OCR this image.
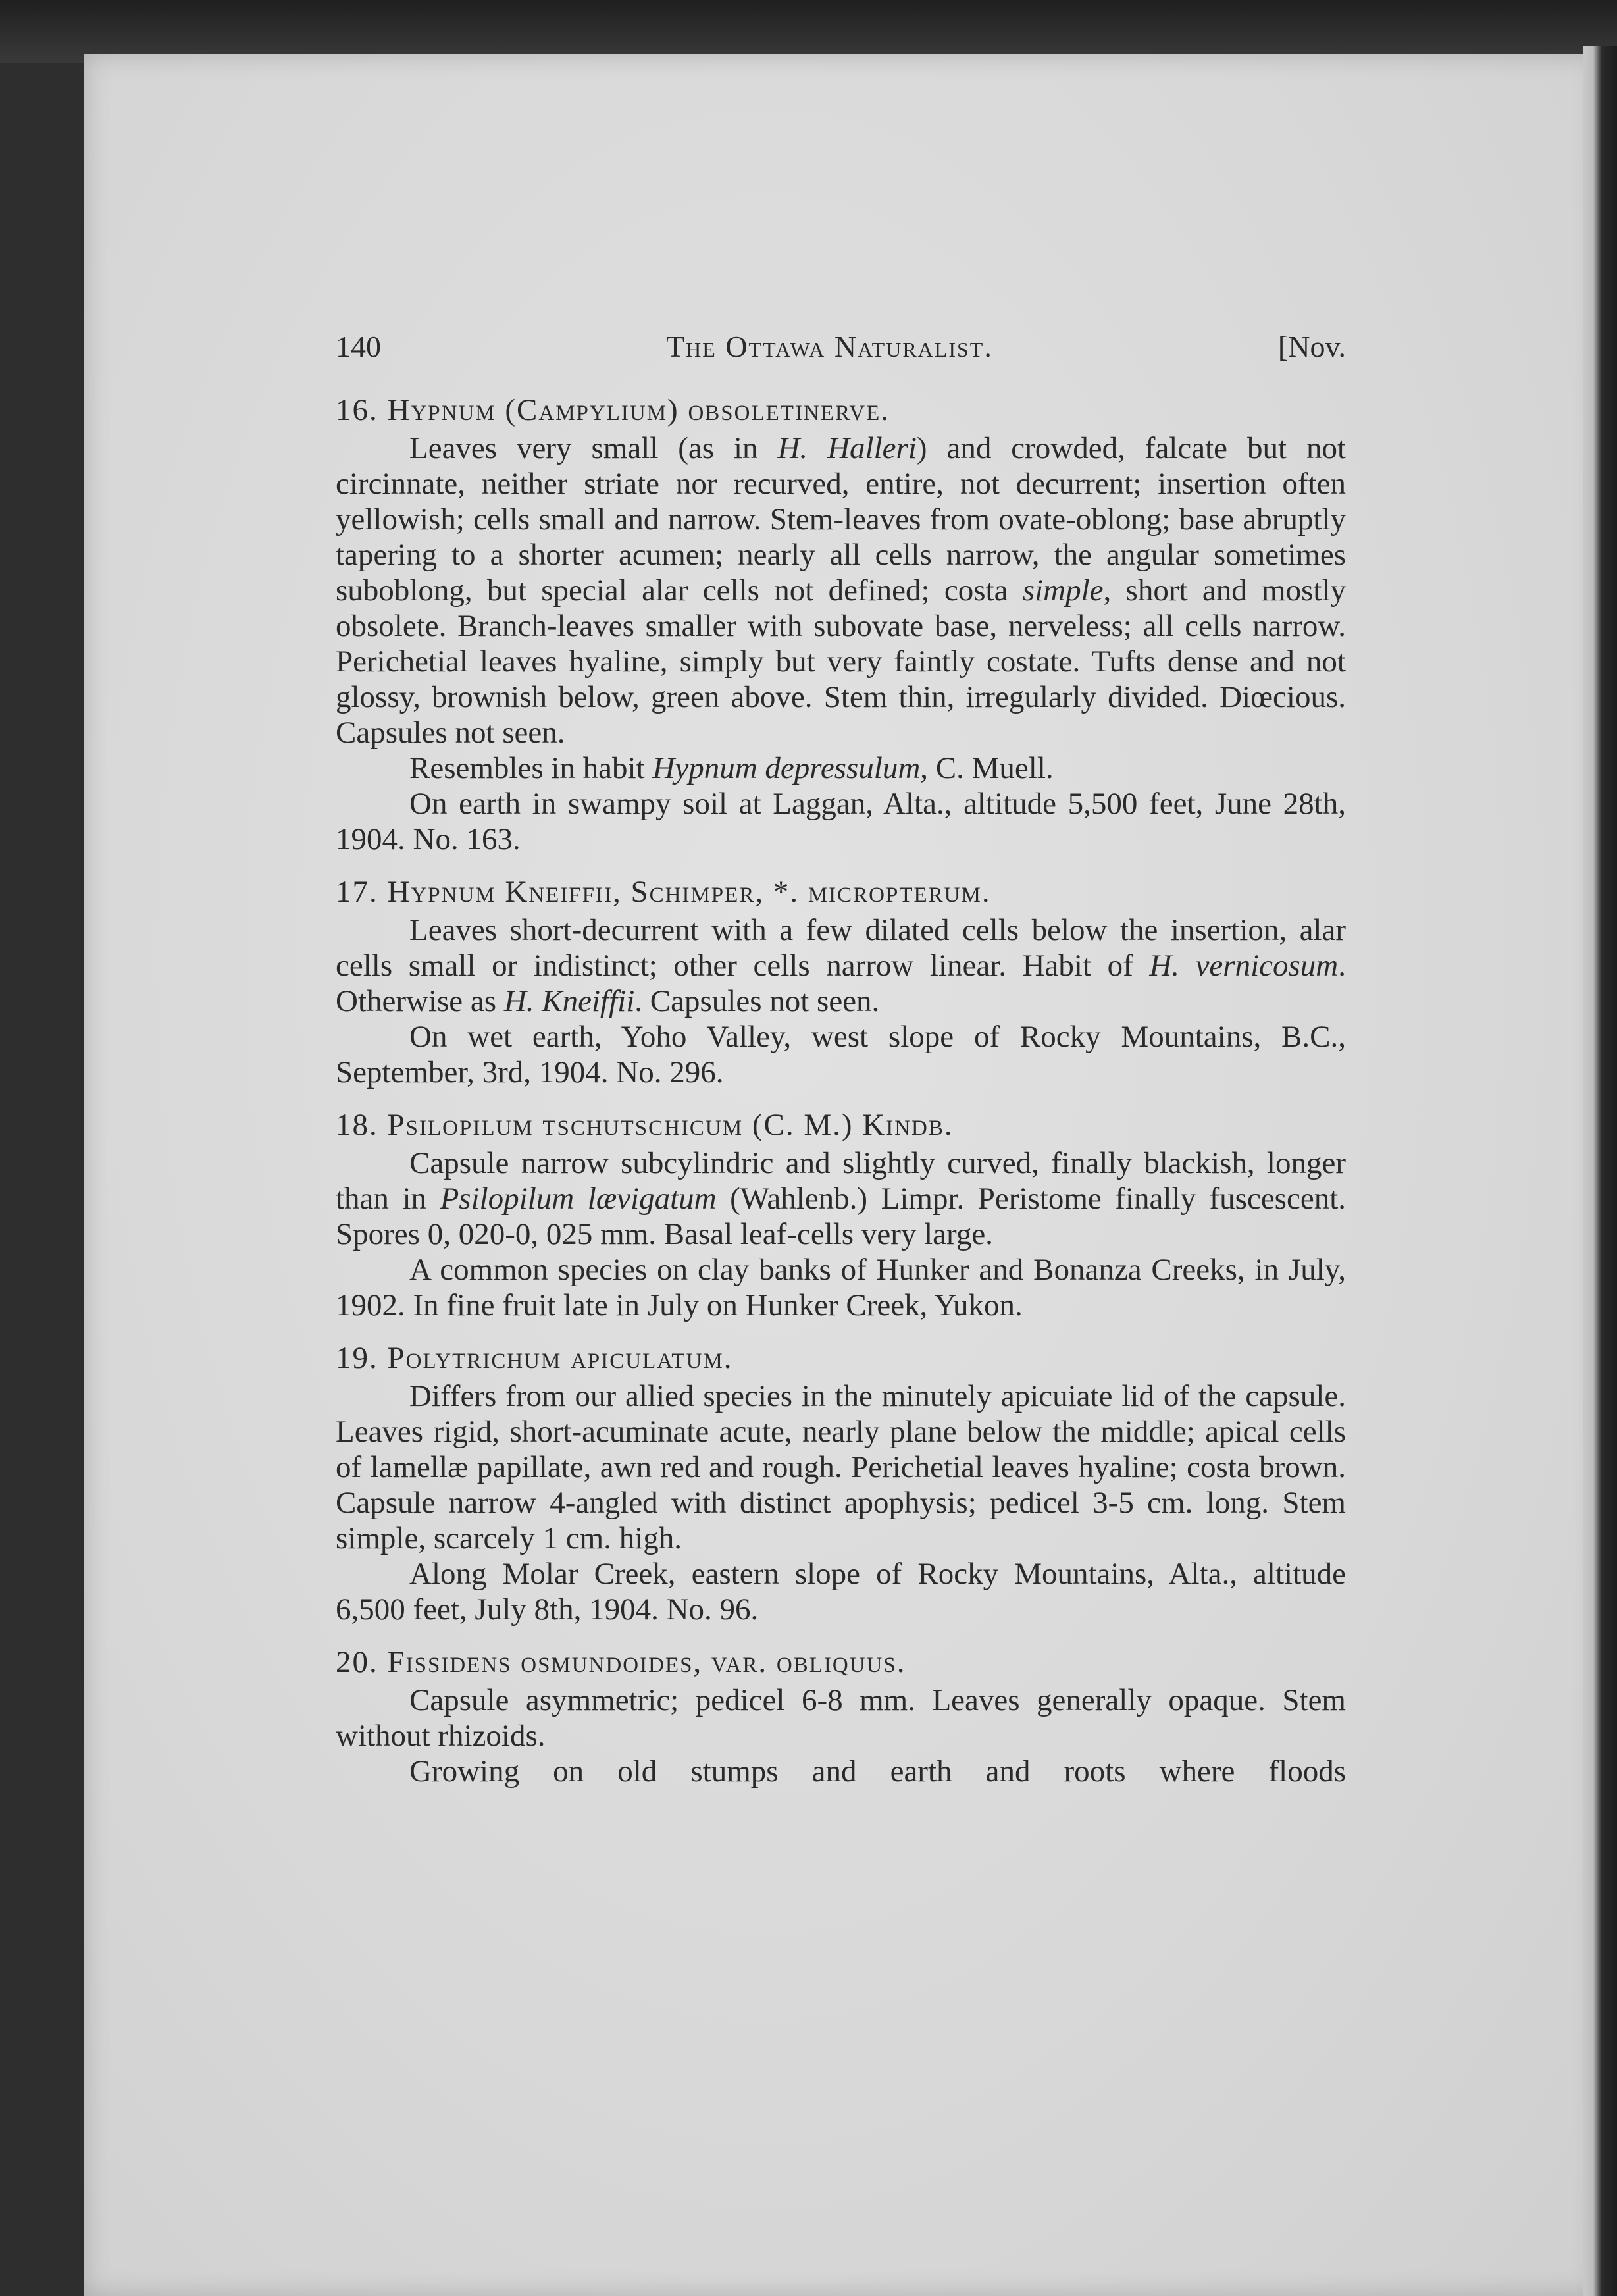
140	The Ottawa Naturalist.	[Nov.
16. Hypnum (Campylium) obsoletinerve.

Leaves very small (as in H. Halleri) and crowded, falcate but not circinnate, neither striate nor recurved, entire, not decurrent; insertion often yellowish; cells small and narrow. Stem-leaves from ovate-oblong; base abruptly tapering to a shorter acumen; nearly all cells narrow, the angular sometimes suboblong, but special alar cells not defined; costa simple, short and mostly obsolete. Branch-leaves smaller with subovate base, nerveless; all cells narrow. Perichetial leaves hyaline, simply but very faintly costate. Tufts dense and not glossy, brownish below, green above. Stem thin, irregularly divided. Diœcious. Capsules not seen.

Resembles in habit Hypnum depressulum, C. Muell.

On earth in swampy soil at Laggan, Alta., altitude 5,500 feet, June 28th, 1904. No. 163.

17. Hypnum Kneiffii, Schimper, *. micropterum.

Leaves short-decurrent with a few dilated cells below the insertion, alar cells small or indistinct; other cells narrow linear. Habit of H. vernicosum. Otherwise as H. Kneiffii. Capsules not seen.

On wet earth, Yoho Valley, west slope of Rocky Mountains, B.C., September, 3rd, 1904. No. 296.

18. Psilopilum tschutschicum (C. M.) Kindb.

Capsule narrow subcylindric and slightly curved, finally blackish, longer than in Psilopilum lævigatum (Wahlenb.) Limpr. Peristome finally fuscescent. Spores 0, 020-0, 025 mm. Basal leaf-cells very large.

A common species on clay banks of Hunker and Bonanza Creeks, in July, 1902. In fine fruit late in July on Hunker Creek, Yukon.

19. Polytrichum apiculatum.

Differs from our allied species in the minutely apicuiate lid of the capsule. Leaves rigid, short-acuminate acute, nearly plane below the middle; apical cells of lamellæ papillate, awn red and rough. Perichetial leaves hyaline; costa brown. Capsule narrow 4-angled with distinct apophysis; pedicel 3-5 cm. long. Stem simple, scarcely 1 cm. high.

Along Molar Creek, eastern slope of Rocky Mountains, Alta., altitude 6,500 feet, July 8th, 1904. No. 96.

20. Fissidens osmundoides, var. obliquus.

Capsule asymmetric; pedicel 6-8 mm. Leaves generally opaque. Stem without rhizoids.

Growing on old stumps and earth and roots where floods
